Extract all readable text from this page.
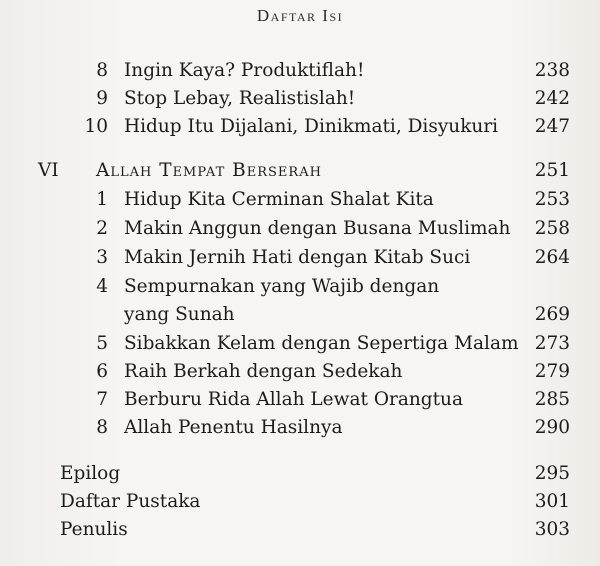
Daftar Isi
8 Ingin Kaya? Produktiflah!	238
9 Stop Lebay, Realistislah!	242
10 Hidup Itu Dijalani, Dinikmati, Disyukuri 247
VI	Allah Tempat Berserah	251
1 Hidup Kita Cerminan Shalat Kita	253
2 Makin Anggun dengan Busana Muslimah 258
3 Makin Jernih Hati dengan Kitab Suci	264
4 Sempurnakan yang Wajib dengan
yang Sunah	269
5 Sibakkan Kelam dengan Sepertiga Malam 273
6 Raih Berkah dengan Sedekah	279
7 Berburu Rida Allah Lewat Orangtua	285
8 Allah Penentu Hasilnya	290
Epilog	295
Daftar Pustaka	301
Penulis	303
